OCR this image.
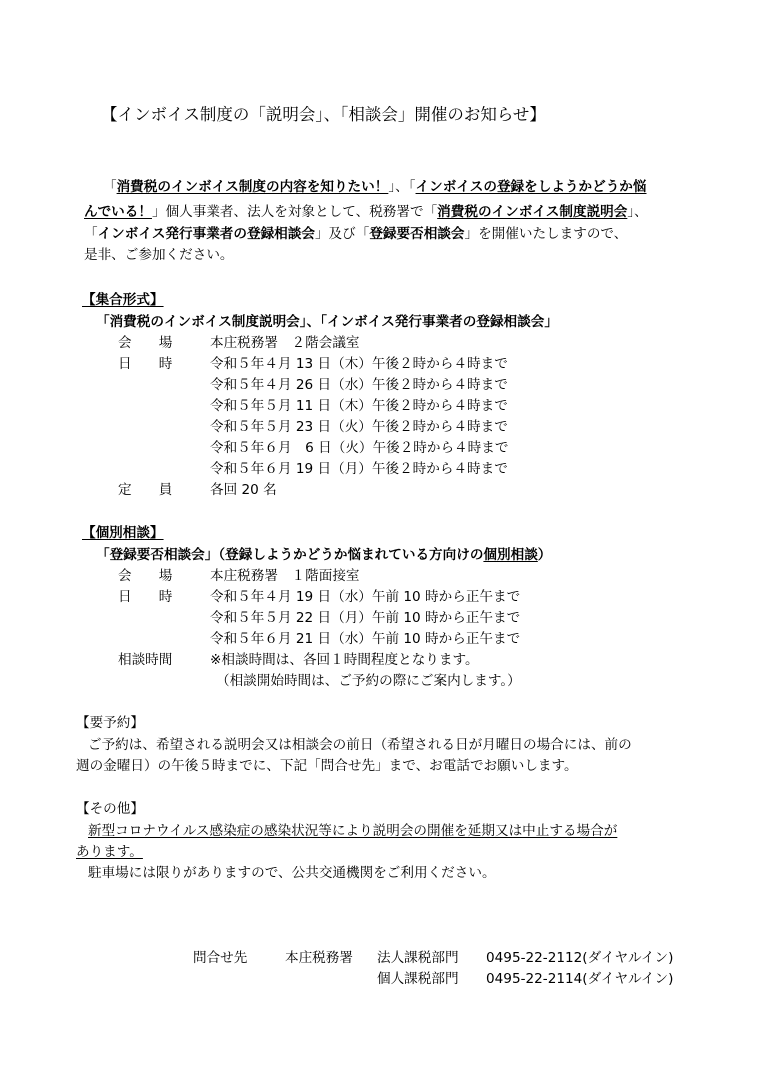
【インボイス制度の「説明会」、「相談会」開催のお知らせ】
「消費税のインボイス制度の内容を知りたい！」、「インボイスの登録をしようかどうか悩
んでいる！」個人事業者、法人を対象として、税務署で「消費税のインボイス制度説明会」、
「インボイス発行事業者の登録相談会」及び「登録要否相談会」を開催いたしますので、
是非、ご参加ください。
【集合形式】
「消費税のインボイス制度説明会」、「インボイス発行事業者の登録相談会」
会　　場	本庄税務署　２階会議室
日　　時	令和５年４月 13 日（木）午後２時から４時まで
令和５年４月 26 日（水）午後２時から４時まで
令和５年５月 11 日（木）午後２時から４時まで
令和５年５月 23 日（火）午後２時から４時まで
令和５年６月　6 日（火）午後２時から４時まで
令和５年６月 19 日（月）午後２時から４時まで
定　　員	各回 20 名
【個別相談】
「登録要否相談会」（登録しようかどうか悩まれている方向けの個別相談）
会　　場	本庄税務署　１階面接室
日　　時	令和５年４月 19 日（水）午前 10 時から正午まで
令和５年５月 22 日（月）午前 10 時から正午まで
令和５年６月 21 日（水）午前 10 時から正午まで
相談時間	※相談時間は、各回１時間程度となります。
（相談開始時間は、ご予約の際にご案内します。）
【要予約】
ご予約は、希望される説明会又は相談会の前日（希望される日が月曜日の場合には、前の
週の金曜日）の午後５時までに、下記「問合せ先」まで、お電話でお願いします。
【その他】
新型コロナウイルス感染症の感染状況等により説明会の開催を延期又は中止する場合が
あります。
駐車場には限りがありますので、公共交通機関をご利用ください。
問合せ先	本庄税務署 法人課税部門 0495-22-2112(ダイヤルイン)
個人課税部門 0495-22-2114(ダイヤルイン)
